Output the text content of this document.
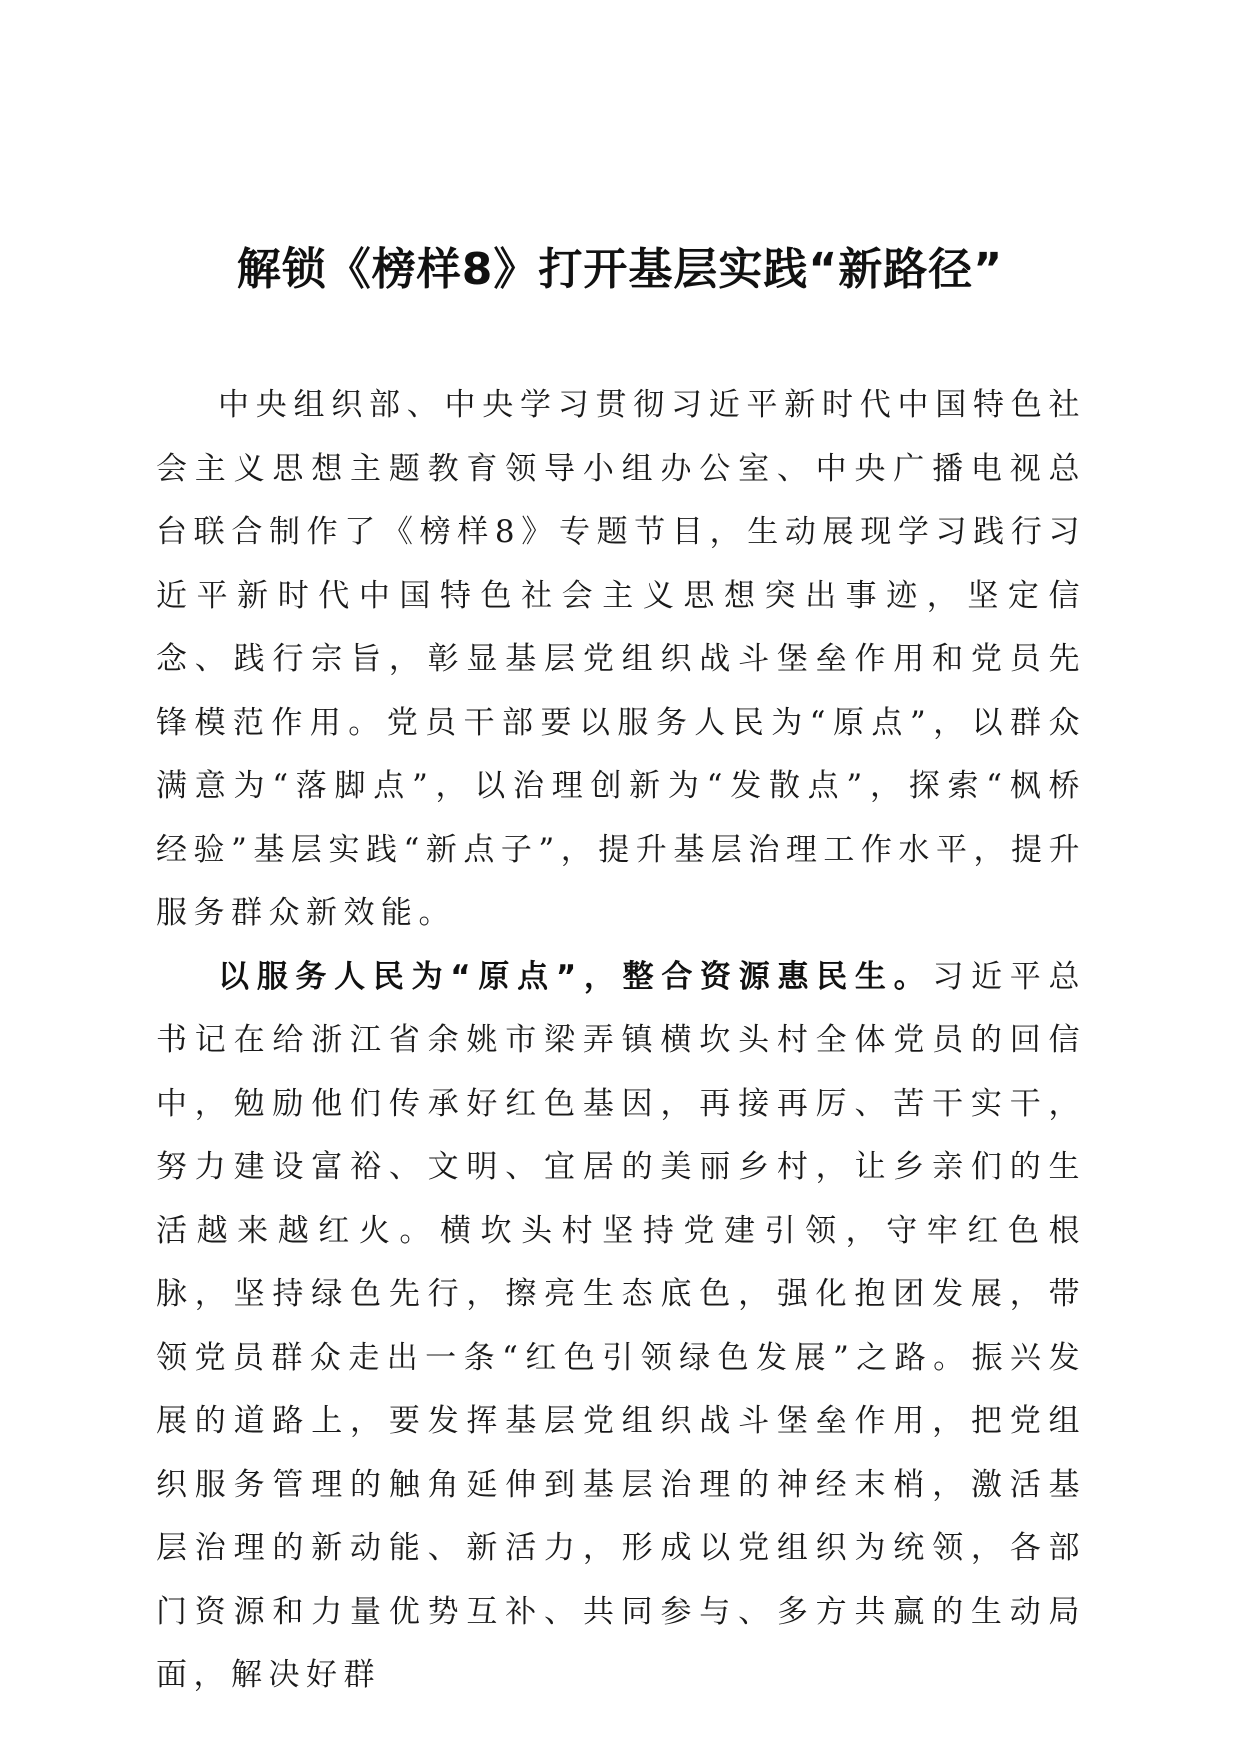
解锁《榜样8》打开基层实践“新路径”

中央组织部、中央学习贯彻习近平新时代中国特色社会主义思想主题教育领导小组办公室、中央广播电视总台联合制作了《榜样8》专题节目，生动展现学习践行习近平新时代中国特色社会主义思想突出事迹，坚定信念、践行宗旨，彰显基层党组织战斗堡垒作用和党员先锋模范作用。党员干部要以服务人民为“原点”，以群众满意为“落脚点”，以治理创新为“发散点”，探索“枫桥经验”基层实践“新点子”，提升基层治理工作水平，提升服务群众新效能。

以服务人民为“原点”，整合资源惠民生。习近平总书记在给浙江省余姚市梁弄镇横坎头村全体党员的回信中，勉励他们传承好红色基因，再接再厉、苦干实干，努力建设富裕、文明、宜居的美丽乡村，让乡亲们的生活越来越红火。横坎头村坚持党建引领，守牢红色根脉，坚持绿色先行，擦亮生态底色，强化抱团发展，带领党员群众走出一条“红色引领绿色发展”之路。振兴发展的道路上，要发挥基层党组织战斗堡垒作用，把党组织服务管理的触角延伸到基层治理的神经末梢，激活基层治理的新动能、新活力，形成以党组织为统领，各部门资源和力量优势互补、共同参与、多方共赢的生动局面，解决好群
